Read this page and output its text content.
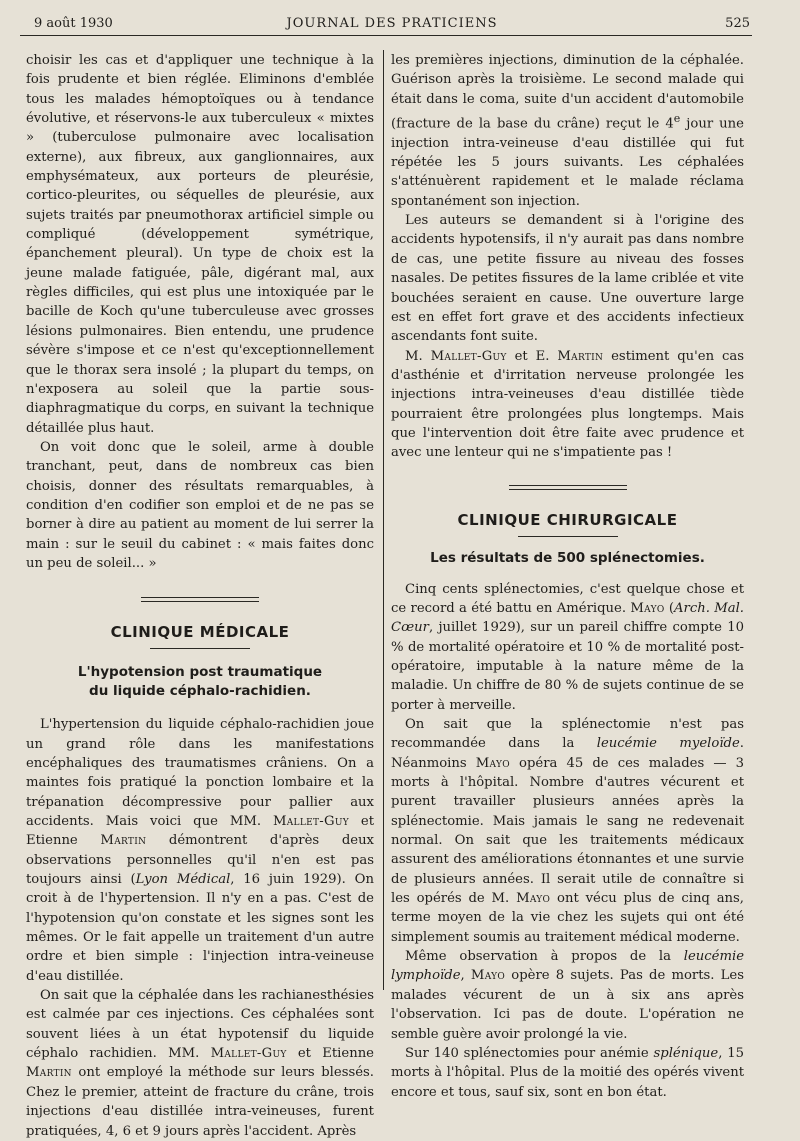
9 août 1930	JOURNAL DES PRATICIENS	525

choisir les cas et d'appliquer une technique à la fois prudente et bien réglée. Eliminons d'emblée tous les malades hémoptoïques ou à tendance évolutive, et réservons-le aux tuberculeux « mixtes » (tuberculose pulmonaire avec localisation externe), aux fibreux, aux ganglionnaires, aux emphysémateux, aux porteurs de pleurésie, cortico-pleurites, ou séquelles de pleurésie, aux sujets traités par pneumothorax artificiel simple ou compliqué (développement symétrique, épanchement pleural). Un type de choix est la jeune malade fatiguée, pâle, digérant mal, aux règles difficiles, qui est plus une intoxiquée par le bacille de Koch qu'une tuberculeuse avec grosses lésions pulmonaires. Bien entendu, une prudence sévère s'impose et ce n'est qu'exceptionnellement que le thorax sera insolé ; la plupart du temps, on n'exposera au soleil que la partie sous-diaphragmatique du corps, en suivant la technique détaillée plus haut.

On voit donc que le soleil, arme à double tranchant, peut, dans de nombreux cas bien choisis, donner des résultats remarquables, à condition d'en codifier son emploi et de ne pas se borner à dire au patient au moment de lui serrer la main : sur le seuil du cabinet : « mais faites donc un peu de soleil... »

CLINIQUE MÉDICALE
L'hypotension post traumatique
du liquide céphalo-rachidien.

L'hypertension du liquide céphalo-rachidien joue un grand rôle dans les manifestations encéphaliques des traumatismes crâniens. On a maintes fois pratiqué la ponction lombaire et la trépanation décompressive pour pallier aux accidents. Mais voici que MM. Mallet-Guy et Etienne Martin démontrent d'après deux observations personnelles qu'il n'en est pas toujours ainsi (Lyon Médical, 16 juin 1929). On croit à de l'hypertension. Il n'y en a pas. C'est de l'hypotension qu'on constate et les signes sont les mêmes. Or le fait appelle un traitement d'un autre ordre et bien simple : l'injection intra-veineuse d'eau distillée.

On sait que la céphalée dans les rachianesthésies est calmée par ces injections. Ces céphalées sont souvent liées à un état hypotensif du liquide céphalo rachidien. MM. Mallet-Guy et Etienne Martin ont employé la méthode sur leurs blessés. Chez le premier, atteint de fracture du crâne, trois injections d'eau distillée intra-veineuses, furent pratiquées, 4, 6 et 9 jours après l'accident. Après

les premières injections, diminution de la céphalée. Guérison après la troisième. Le second malade qui était dans le coma, suite d'un accident d'automobile (fracture de la base du crâne) reçut le 4e jour une injection intra-veineuse d'eau distillée qui fut répétée les 5 jours suivants. Les céphalées s'atténuèrent rapidement et le malade réclama spontanément son injection.

Les auteurs se demandent si à l'origine des accidents hypotensifs, il n'y aurait pas dans nombre de cas, une petite fissure au niveau des fosses nasales. De petites fissures de la lame criblée et vite bouchées seraient en cause. Une ouverture large est en effet fort grave et des accidents infectieux ascendants font suite.

M. Mallet-Guy et E. Martin estiment qu'en cas d'asthénie et d'irritation nerveuse prolongée les injections intra-veineuses d'eau distillée tiède pourraient être prolongées plus longtemps. Mais que l'intervention doit être faite avec prudence et avec une lenteur qui ne s'impatiente pas !

CLINIQUE CHIRURGICALE
Les résultats de 500 splénectomies.

Cinq cents splénectomies, c'est quelque chose et ce record a été battu en Amérique. Mayo (Arch. Mal. Cœur, juillet 1929), sur un pareil chiffre compte 10 % de mortalité opératoire et 10 % de mortalité post-opératoire, imputable à la nature même de la maladie. Un chiffre de 80 % de sujets continue de se porter à merveille.

On sait que la splénectomie n'est pas recommandée dans la leucémie myeloïde. Néanmoins Mayo opéra 45 de ces malades — 3 morts à l'hôpital. Nombre d'autres vécurent et purent travailler plusieurs années après la splénectomie. Mais jamais le sang ne redevenait normal. On sait que les traitements médicaux assurent des améliorations étonnantes et une survie de plusieurs années. Il serait utile de connaître si les opérés de M. Mayo ont vécu plus de cinq ans, terme moyen de la vie chez les sujets qui ont été simplement soumis au traitement médical moderne.

Même observation à propos de la leucémie lymphoïde, Mayo opère 8 sujets. Pas de morts. Les malades vécurent de un à six ans après l'observation. Ici pas de doute. L'opération ne semble guère avoir prolongé la vie.

Sur 140 splénectomies pour anémie splénique, 15 morts à l'hôpital. Plus de la moitié des opérés vivent encore et tous, sauf six, sont en bon état.
